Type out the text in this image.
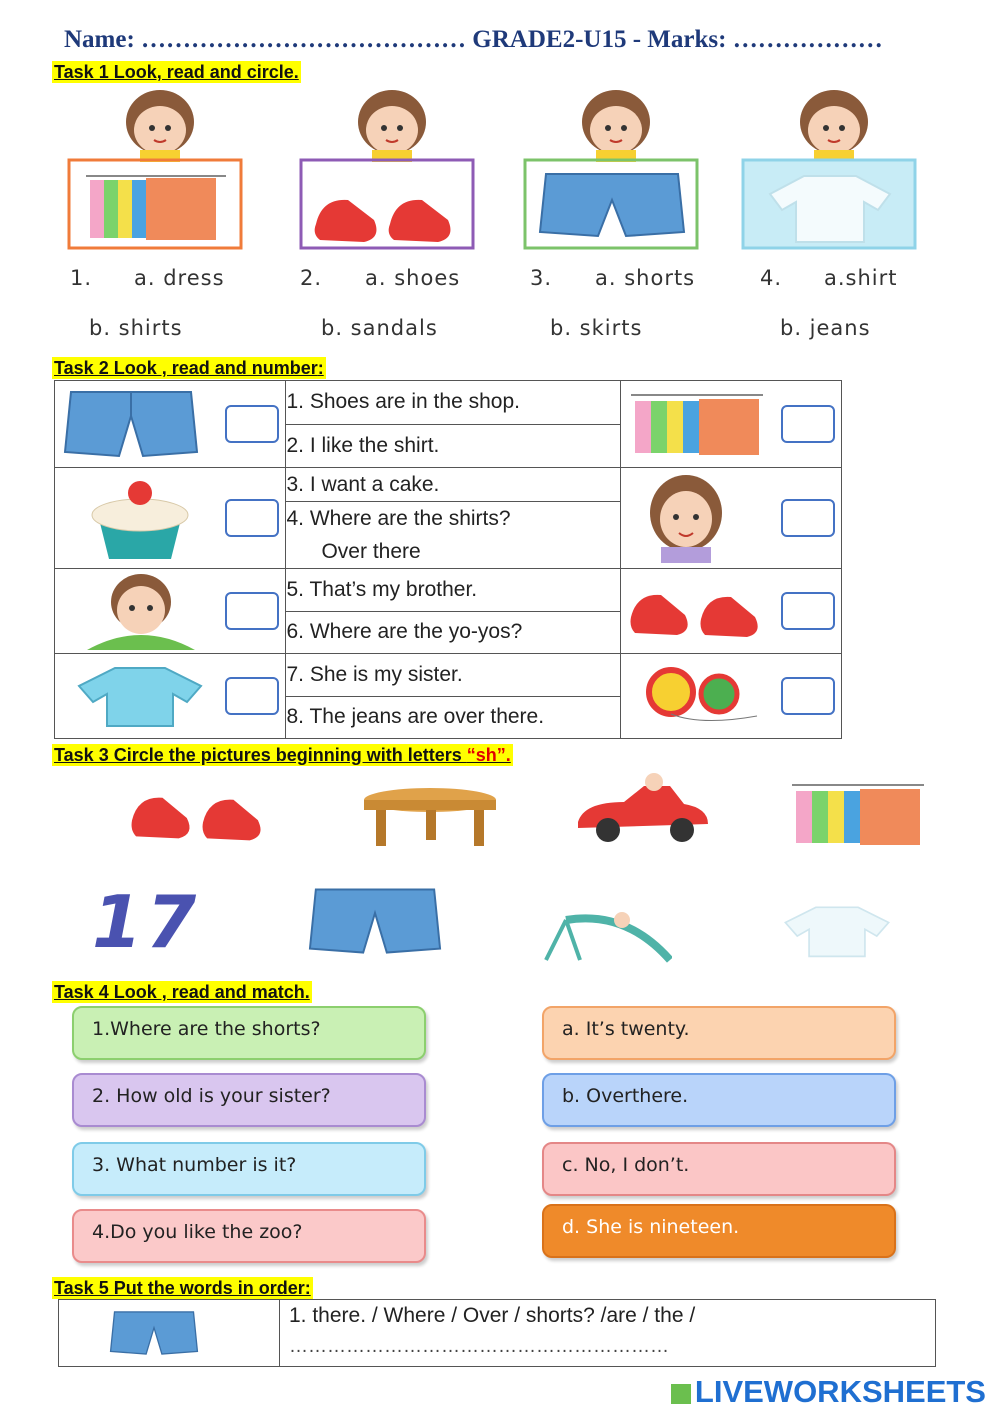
Name: ………………………………… GRADE2-U15 - Marks: ………………
Task 1 Look, read and circle.
1. a. dress
b. shirts
2. a. shoes
b. sandals
3. a. shorts
b. skirts
4. a.shirt
b. jeans
Task 2 Look , read and number:
	1. Shoes are in the shop.	

	2. I like the shirt.	

	3. I want a cake.	

	4. Where are the shirts?	
	Over there	

	5. That’s my brother.	

	6. Where are the yo-yos?	

	7. She is my sister.	

	8. The jeans are over there.	
Task 3 Circle the pictures beginning with letters “sh”.
17
Task 4 Look , read and match.
1.Where are the shorts?
2. How old is your sister?
3. What number is it?
4.Do you like the zoo?
a. It’s twenty.
b. Overthere.
c. No, I don’t.
d. She is nineteen.
Task 5 Put the words in order:
1. there. / Where / Over / shorts? /are / the /
……………………………………………………
LIVEWORKSHEETS
